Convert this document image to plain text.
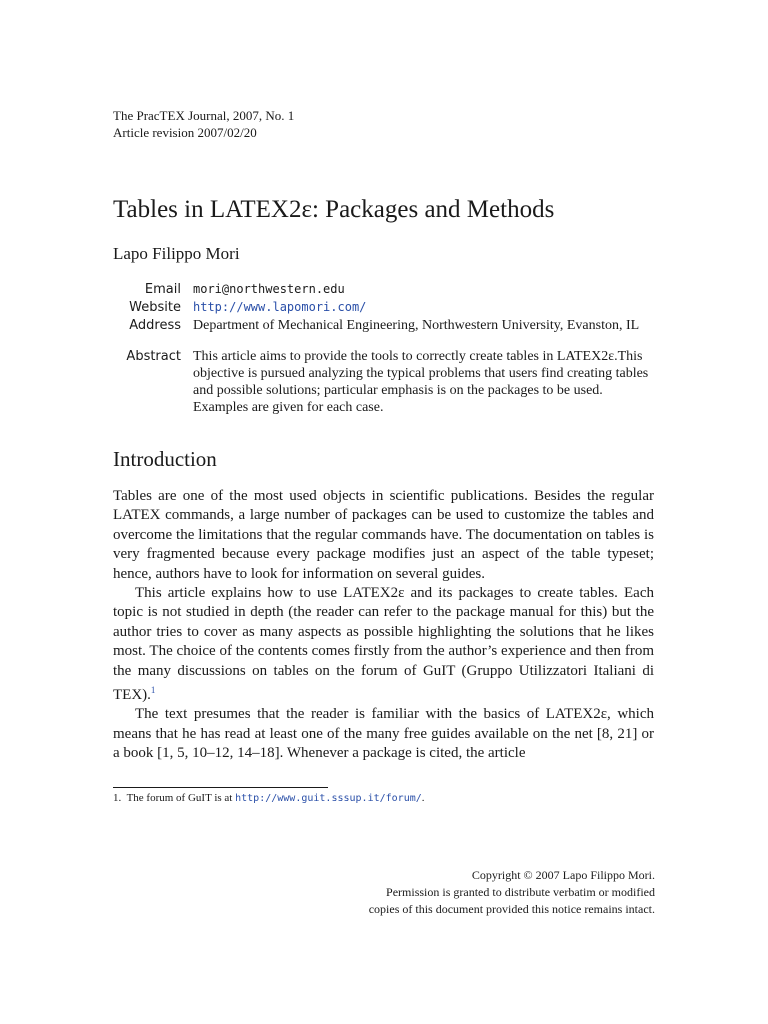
The PracTEX Journal, 2007, No. 1
Article revision 2007/02/20
Tables in LATEX2ε: Packages and Methods
Lapo Filippo Mori
Email	mori@northwestern.edu
Website	http://www.lapomori.com/
Address Department of Mechanical Engineering, Northwestern University, Evanston, IL
Abstract This article aims to provide the tools to correctly create tables in LATEX2ε.This objective is pursued analyzing the typical problems that users find creating tables and possible solutions; particular emphasis is on the packages to be used. Examples are given for each case.
Introduction

Tables are one of the most used objects in scientific publications. Besides the regular LATEX commands, a large number of packages can be used to customize the tables and overcome the limitations that the regular commands have. The documentation on tables is very fragmented because every package modifies just an aspect of the table typeset; hence, authors have to look for information on several guides.

This article explains how to use LATEX2ε and its packages to create tables. Each topic is not studied in depth (the reader can refer to the package manual for this) but the author tries to cover as many aspects as possible highlighting the solutions that he likes most. The choice of the contents comes firstly from the author’s experience and then from the many discussions on tables on the forum of GuIT (Gruppo Utilizzatori Italiani di TEX).$^1$

The text presumes that the reader is familiar with the basics of LATEX2ε, which means that he has read at least one of the many free guides available on the net [8, 21] or a book [1, 5, 10–12, 14–18]. Whenever a package is cited, the article

1. The forum of GuIT is at http://www.guit.sssup.it/forum/.
Copyright © 2007 Lapo Filippo Mori.
Permission is granted to distribute verbatim or modified
copies of this document provided this notice remains intact.
